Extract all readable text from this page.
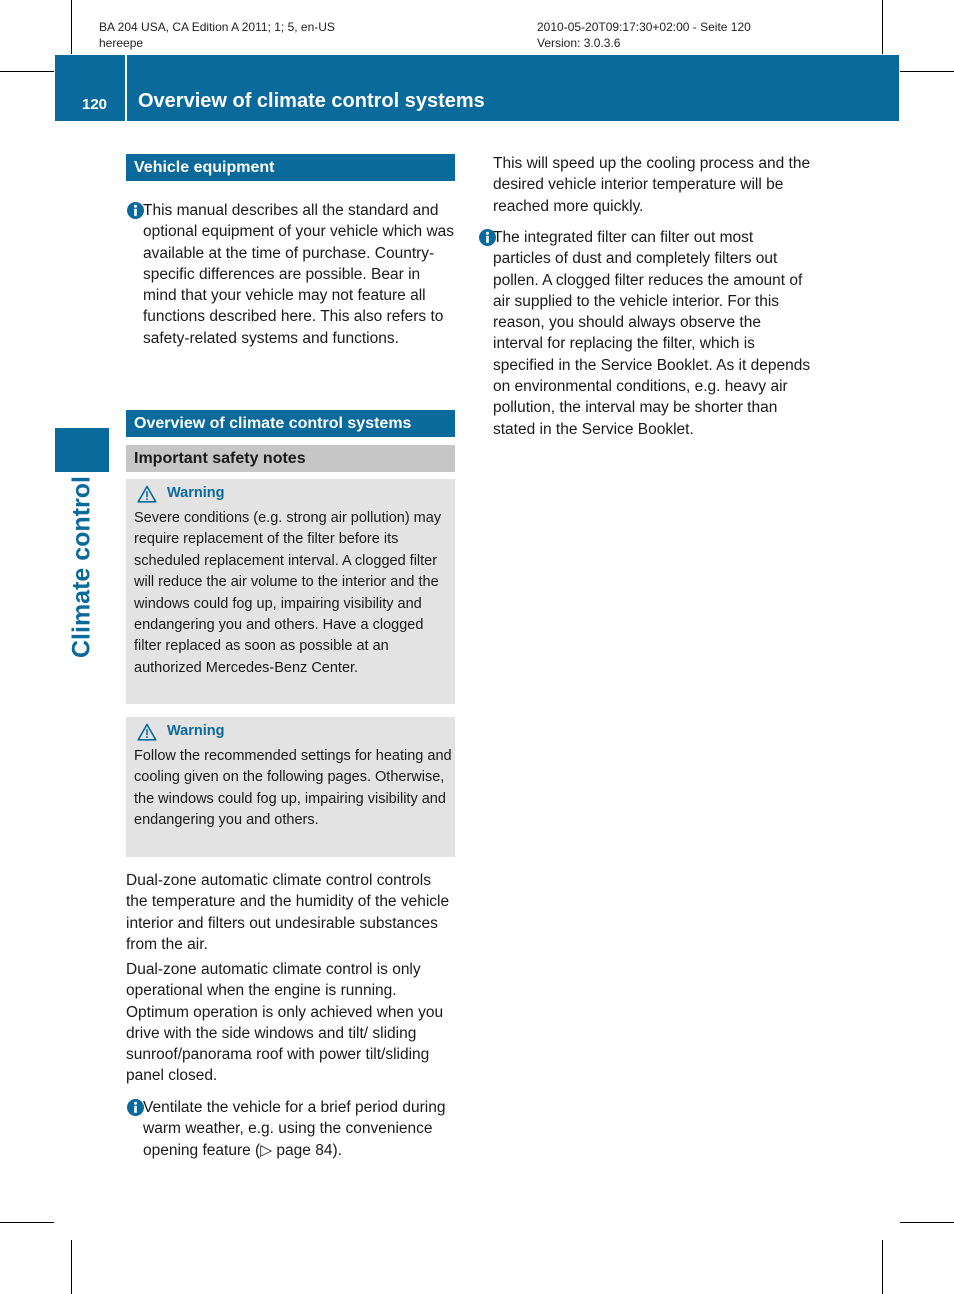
BA 204 USA, CA Edition A 2011; 1; 5, en-US
hereepe
2010-05-20T09:17:30+02:00 - Seite 120
Version: 3.0.3.6
120 Overview of climate control systems
Climate control
Vehicle equipment
This manual describes all the standard and optional equipment of your vehicle which was available at the time of purchase. Country-specific differences are possible. Bear in mind that your vehicle may not feature all functions described here. This also refers to safety-related systems and functions.
Overview of climate control systems
Important safety notes
Warning
Severe conditions (e.g. strong air pollution) may require replacement of the filter before its scheduled replacement interval. A clogged filter will reduce the air volume to the interior and the windows could fog up, impairing visibility and endangering you and others. Have a clogged filter replaced as soon as possible at an authorized Mercedes-Benz Center.
Warning
Follow the recommended settings for heating and cooling given on the following pages. Otherwise, the windows could fog up, impairing visibility and endangering you and others.
Dual-zone automatic climate control controls the temperature and the humidity of the vehicle interior and filters out undesirable substances from the air.
Dual-zone automatic climate control is only operational when the engine is running. Optimum operation is only achieved when you drive with the side windows and tilt/ sliding sunroof/panorama roof with power tilt/sliding panel closed.
Ventilate the vehicle for a brief period during warm weather, e.g. using the convenience opening feature (▷ page 84).
This will speed up the cooling process and the desired vehicle interior temperature will be reached more quickly.
The integrated filter can filter out most particles of dust and completely filters out pollen. A clogged filter reduces the amount of air supplied to the vehicle interior. For this reason, you should always observe the interval for replacing the filter, which is specified in the Service Booklet. As it depends on environmental conditions, e.g. heavy air pollution, the interval may be shorter than stated in the Service Booklet.
